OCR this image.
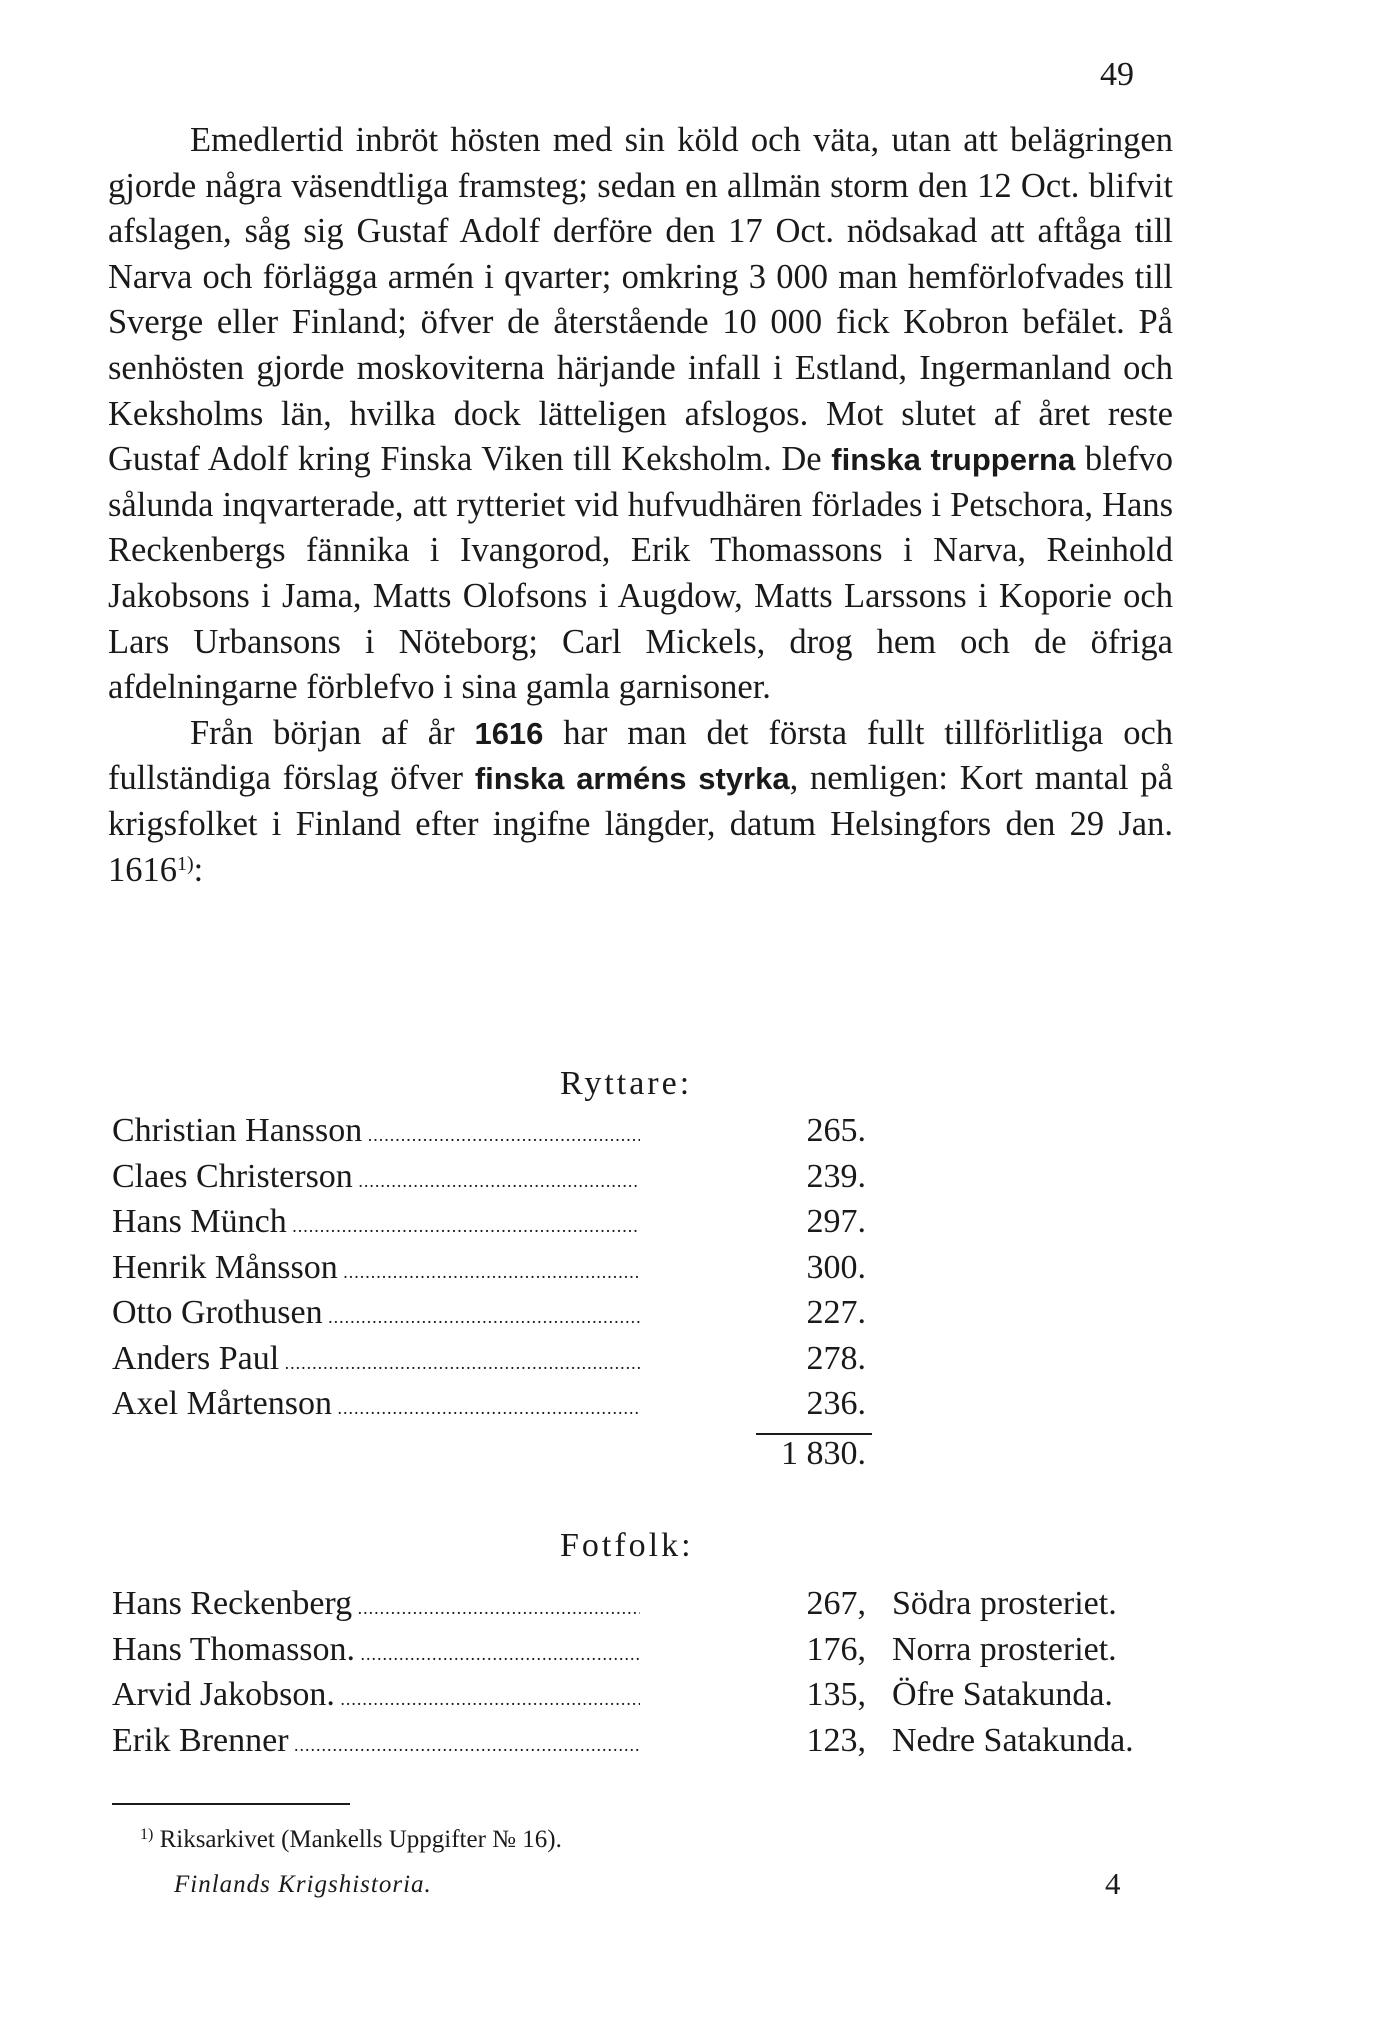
49

Emedlertid inbröt hösten med sin köld och väta, utan att belägringen gjorde några väsendtliga framsteg; sedan en allmän storm den 12 Oct. blifvit afslagen, såg sig Gustaf Adolf derföre den 17 Oct. nödsakad att aftåga till Narva och förlägga armén i qvarter; omkring 3 000 man hemförlofvades till Sverge eller Finland; öfver de återstående 10 000 fick Kobron befälet. På senhösten gjorde moskoviterna härjande infall i Estland, Ingermanland och Keksholms län, hvilka dock lätteligen afslogos. Mot slutet af året reste Gustaf Adolf kring Finska Viken till Keksholm. De finska trupperna blefvo sålunda inqvarterade, att rytteriet vid hufvudhären förlades i Petschora, Hans Reckenbergs fännika i Ivangorod, Erik Thomassons i Narva, Reinhold Jakobsons i Jama, Matts Olofsons i Augdow, Matts Larssons i Koporie och Lars Urbansons i Nöteborg; Carl Mickels, drog hem och de öfriga afdelningarne förblefvo i sina gamla garnisoner.

Från början af år 1616 har man det första fullt tillförlitliga och fullständiga förslag öfver finska arméns styrka, nemligen: Kort mantal på krigsfolket i Finland efter ingifne längder, datum Helsingfors den 29 Jan. 1616$^{1)}$:

Ryttare:
Christian Hansson .....	265.
Claes Christerson .....	239.
Hans Münch .....	297.
Henrik Månsson .....	300.
Otto Grothusen .....	227.
Anders Paul .....	278.
Axel Mårtenson .....	236.
1 830.
Fotfolk:
Hans Reckenberg .....	267, Södra prosteriet.
Hans Thomasson. .....	176, Norra prosteriet.
Arvid Jakobson. .....	135, Öfre Satakunda.
Erik Brenner .....	123, Nedre Satakunda.
$^{1)}$ Riksarkivet (Mankells Uppgifter № 16).
Finlands Krigshistoria.	4
